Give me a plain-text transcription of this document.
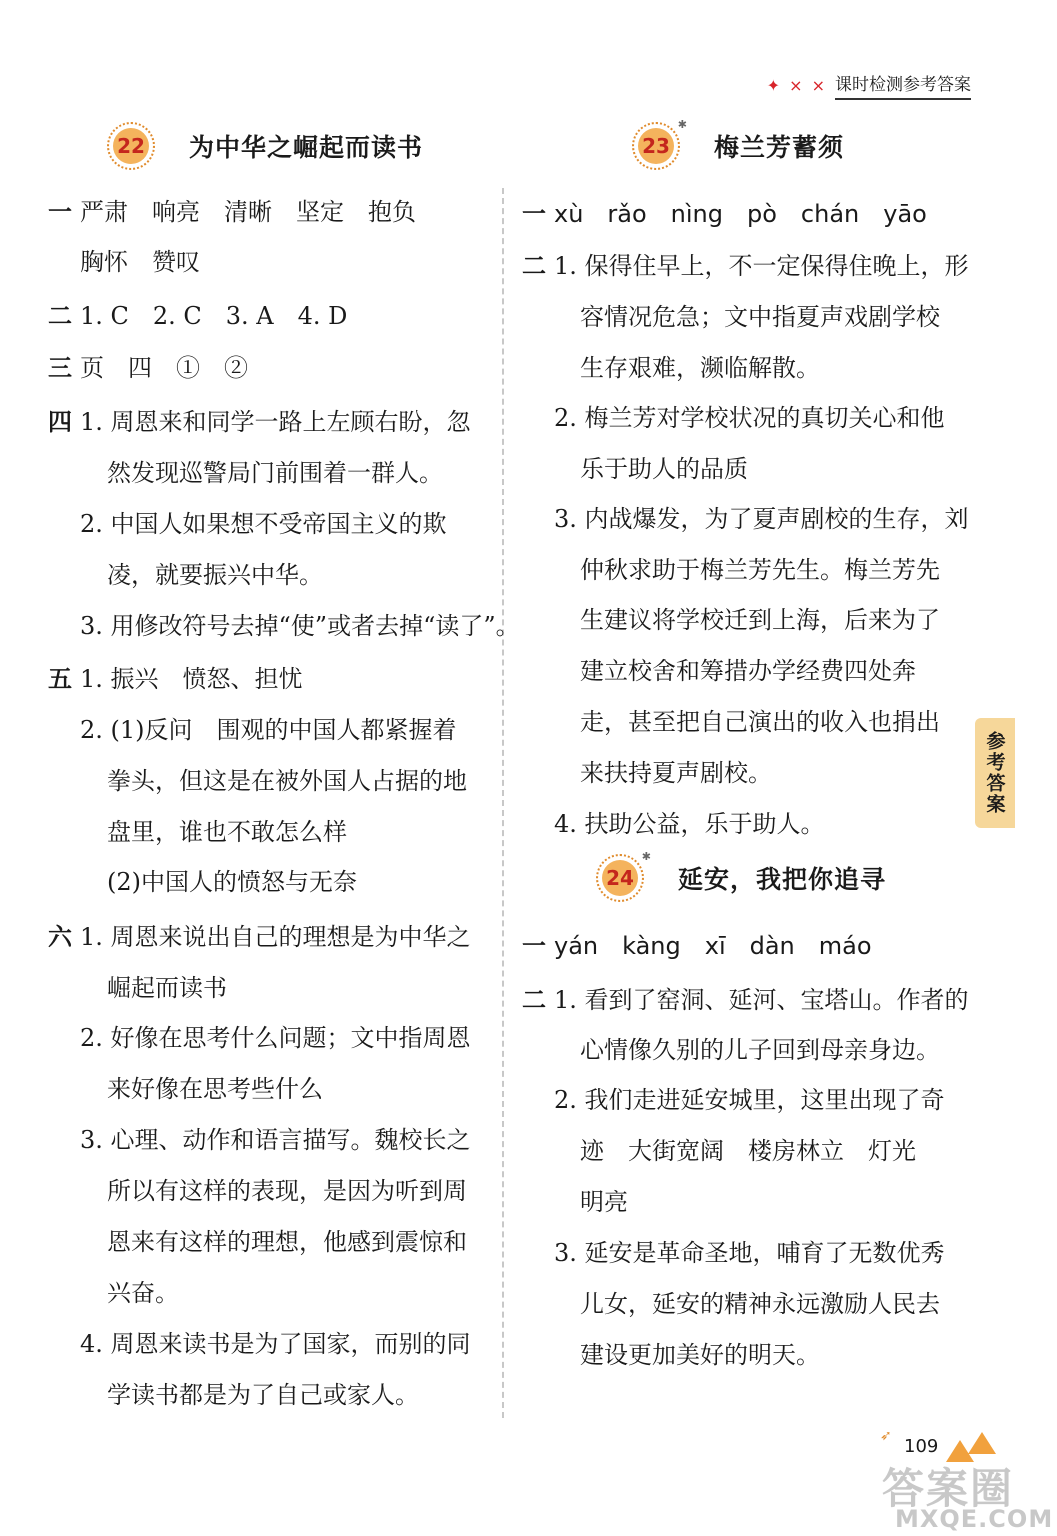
✦ × × 课时检测参考答案
22 为中华之崛起而读书
一 严肃　响亮　清晰　坚定　抱负
胸怀　赞叹
二 1. C　2. C　3. A　4. D
三 页　四　①　②
四 1. 周恩来和同学一路上左顾右盼，忽
然发现巡警局门前围着一群人。
2. 中国人如果想不受帝国主义的欺
凌，就要振兴中华。
3. 用修改符号去掉“使”或者去掉“读了”。
五 1. 振兴　愤怒、担忧
2. (1)反问　围观的中国人都紧握着
拳头，但这是在被外国人占据的地
盘里，谁也不敢怎么样
(2)中国人的愤怒与无奈
六 1. 周恩来说出自己的理想是为中华之
崛起而读书
2. 好像在思考什么问题；文中指周恩
来好像在思考些什么
3. 心理、动作和语言描写。魏校长之
所以有这样的表现，是因为听到周
恩来有这样的理想，他感到震惊和
兴奋。
4. 周恩来读书是为了国家，而别的同
学读书都是为了自己或家人。
23
✱
梅兰芳蓄须
一 xù　rǎo　nìng　pò　chán　yāo
二 1. 保得住早上，不一定保得住晚上，形
容情况危急；文中指夏声戏剧学校
生存艰难，濒临解散。
2. 梅兰芳对学校状况的真切关心和他
乐于助人的品质
3. 内战爆发，为了夏声剧校的生存，刘
仲秋求助于梅兰芳先生。梅兰芳先
生建议将学校迁到上海，后来为了
建立校舍和筹措办学经费四处奔
走，甚至把自己演出的收入也捐出
来扶持夏声剧校。
4. 扶助公益，乐于助人。
24
✱
延安，我把你追寻
一 yán　kàng　xī　dàn　máo
二 1. 看到了窑洞、延河、宝塔山。作者的
心情像久别的儿子回到母亲身边。
2. 我们走进延安城里，这里出现了奇
迹　大街宽阔　楼房林立　灯光
明亮
3. 延安是革命圣地，哺育了无数优秀
儿女，延安的精神永远激励人民去
建设更加美好的明天。
参考答案
➶ 109
答案圈
MXQE.COM
